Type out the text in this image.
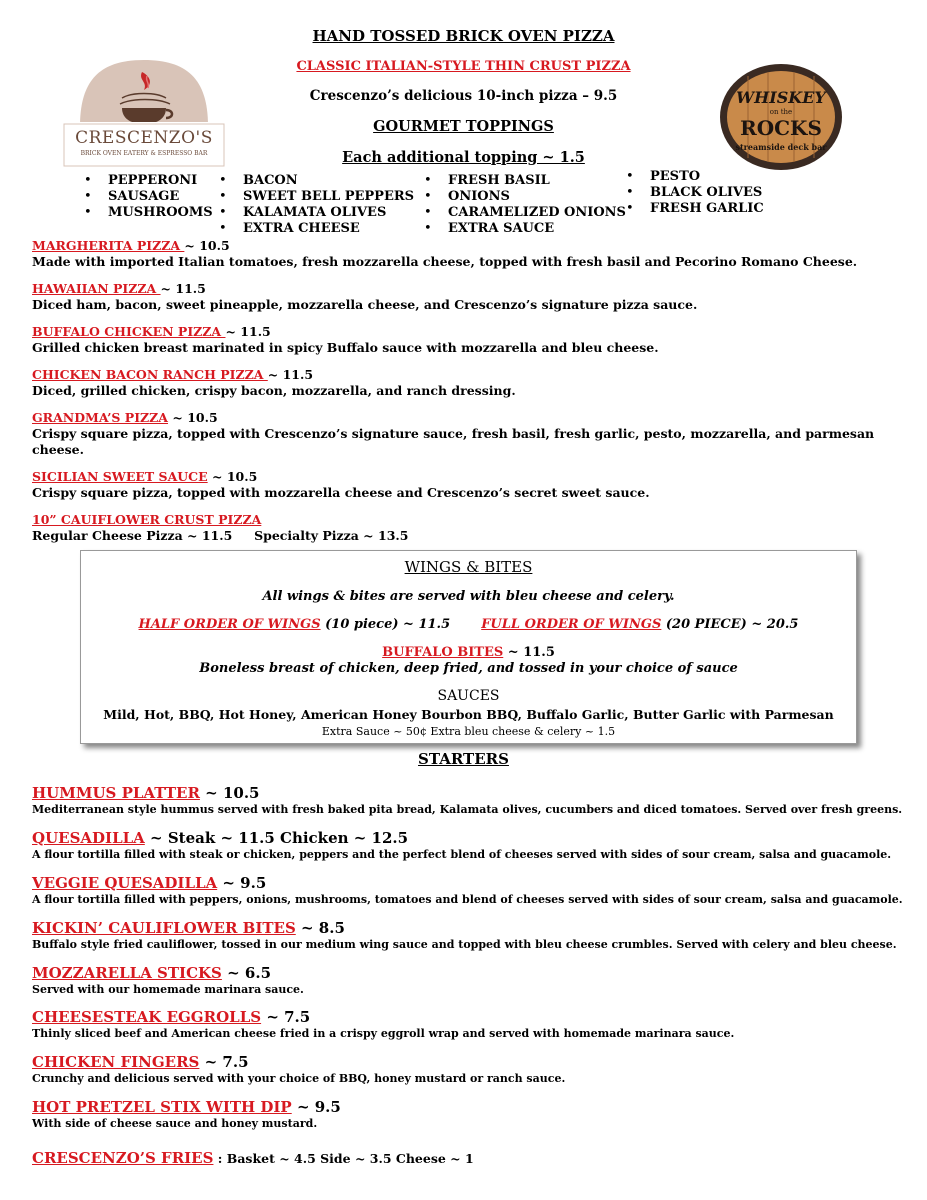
HAND TOSSED BRICK OVEN PIZZA
CLASSIC ITALIAN-STYLE THIN CRUST PIZZA
Crescenzo’s delicious 10-inch pizza – 9.5
GOURMET TOPPINGS
Each additional topping ~ 1.5
CRESCENZO'S
BRICK OVEN EATERY & ESPRESSO BAR
WHISKEY
on the
ROCKS
streamside deck bar
• PEPPERONI
• SAUSAGE
• MUSHROOMS
• BACON
• SWEET BELL PEPPERS
• KALAMATA OLIVES
• EXTRA CHEESE
• FRESH BASIL
• ONIONS
• CARAMELIZED ONIONS
• EXTRA SAUCE
• PESTO
• BLACK OLIVES
• FRESH GARLIC

MARGHERITA PIZZA ~ 10.5

Made with imported Italian tomatoes, fresh mozzarella cheese, topped with fresh basil and Pecorino Romano Cheese.

HAWAIIAN PIZZA ~ 11.5

Diced ham, bacon, sweet pineapple, mozzarella cheese, and Crescenzo’s signature pizza sauce.

BUFFALO CHICKEN PIZZA ~ 11.5

Grilled chicken breast marinated in spicy Buffalo sauce with mozzarella and bleu cheese.

CHICKEN BACON RANCH PIZZA ~ 11.5

Diced, grilled chicken, crispy bacon, mozzarella, and ranch dressing.

GRANDMA’S PIZZA ~ 10.5

Crispy square pizza, topped with Crescenzo’s signature sauce, fresh basil, fresh garlic, pesto, mozzarella, and parmesan cheese.

SICILIAN SWEET SAUCE ~ 10.5

Crispy square pizza, topped with mozzarella cheese and Crescenzo’s secret sweet sauce.

10” CAUIFLOWER CRUST PIZZA

Regular Cheese Pizza ~ 11.5     Specialty Pizza ~ 13.5

WINGS & BITES
All wings & bites are served with bleu cheese and celery.
HALF ORDER OF WINGS (10 piece) ~ 11.5 FULL ORDER OF WINGS (20 PIECE) ~ 20.5
BUFFALO BITES ~ 11.5
Boneless breast of chicken, deep fried, and tossed in your choice of sauce
SAUCES
Mild, Hot, BBQ, Hot Honey, American Honey Bourbon BBQ, Buffalo Garlic, Butter Garlic with Parmesan
Extra Sauce ~ 50¢ Extra bleu cheese & celery ~ 1.5
STARTERS
HUMMUS PLATTER ~ 10.5
Mediterranean style hummus served with fresh baked pita bread, Kalamata olives, cucumbers and diced tomatoes. Served over fresh greens.
QUESADILLA ~ Steak ~ 11.5 Chicken ~ 12.5
A flour tortilla filled with steak or chicken, peppers and the perfect blend of cheeses served with sides of sour cream, salsa and guacamole.
VEGGIE QUESADILLA ~ 9.5
A flour tortilla filled with peppers, onions, mushrooms, tomatoes and blend of cheeses served with sides of sour cream, salsa and guacamole.
KICKIN’ CAULIFLOWER BITES ~ 8.5
Buffalo style fried cauliflower, tossed in our medium wing sauce and topped with bleu cheese crumbles. Served with celery and bleu cheese.
MOZZARELLA STICKS ~ 6.5
Served with our homemade marinara sauce.
CHEESESTEAK EGGROLLS ~ 7.5
Thinly sliced beef and American cheese fried in a crispy eggroll wrap and served with homemade marinara sauce.
CHICKEN FINGERS ~ 7.5
Crunchy and delicious served with your choice of BBQ, honey mustard or ranch sauce.
HOT PRETZEL STIX WITH DIP ~ 9.5
With side of cheese sauce and honey mustard.
CRESCENZO’S FRIES : Basket ~ 4.5 Side ~ 3.5 Cheese ~ 1
